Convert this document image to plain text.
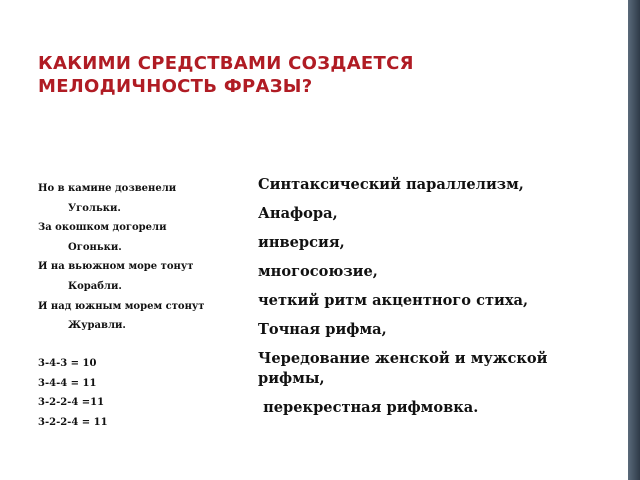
КАКИМИ СРЕДСТВАМИ СОЗДАЕТСЯ
МЕЛОДИЧНОСТЬ ФРАЗЫ?
Но в камине дозвенели
Угольки.
За окошком догорели
Огоньки.
И на вьюжном море тонут
Корабли.
И над южным морем стонут
Журавли.
3-4-3 = 10
3-4-4 = 11
3-2-2-4 =11
3-2-2-4 = 11
Синтаксический параллелизм,
Анафора,
инверсия,
многосоюзие,
четкий ритм акцентного стиха,
Точная рифма,
Чередование женской и мужской рифмы,
перекрестная рифмовка.
